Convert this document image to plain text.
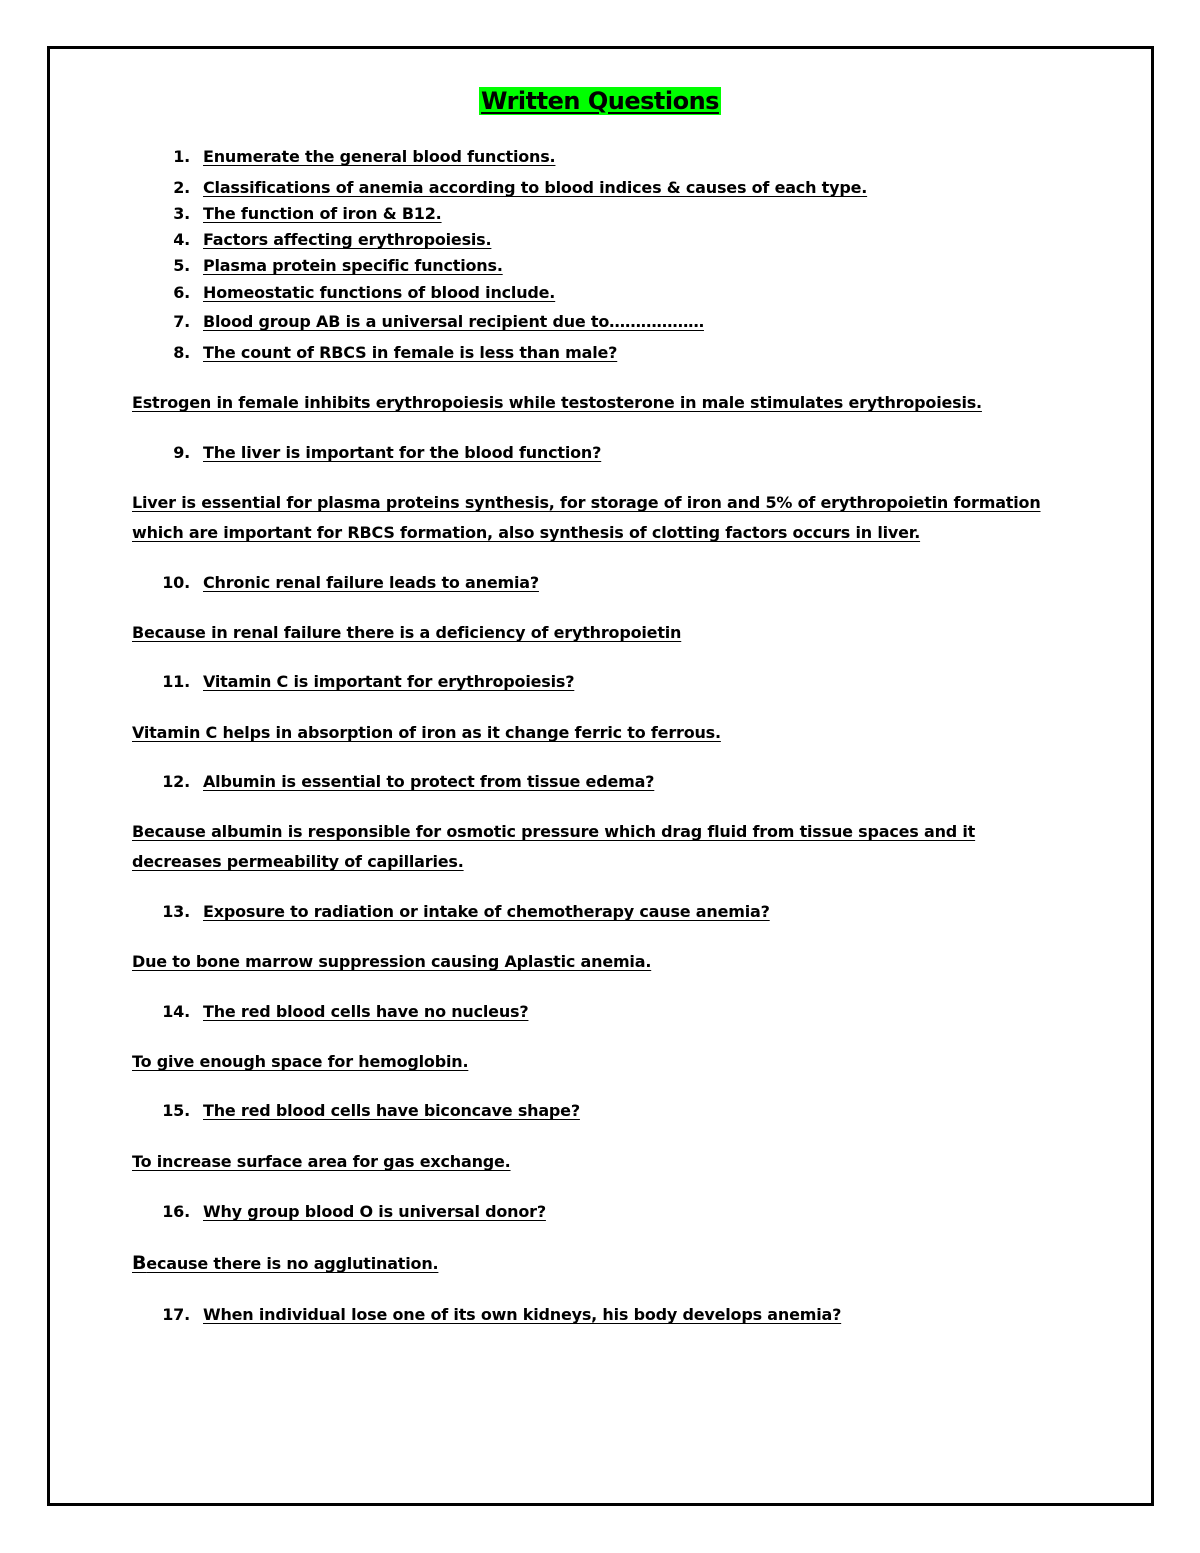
Written Questions
1. Enumerate the general blood functions.
2. Classifications of anemia according to blood indices & causes of each type.
3. The function of iron & B12.
4. Factors affecting erythropoiesis.
5. Plasma protein specific functions.
6. Homeostatic functions of blood include.
7. Blood group AB is a universal recipient due to………………
8. The count of RBCS in female is less than male?
Estrogen in female inhibits erythropoiesis while testosterone in male stimulates erythropoiesis.
9. The liver is important for the blood function?
Liver is essential for plasma proteins synthesis, for storage of iron and 5% of erythropoietin formation
which are important for RBCS formation, also synthesis of clotting factors occurs in liver.
10. Chronic renal failure leads to anemia?
Because in renal failure there is a deficiency of erythropoietin
11. Vitamin C is important for erythropoiesis?
Vitamin C helps in absorption of iron as it change ferric to ferrous.
12. Albumin is essential to protect from tissue edema?
Because albumin is responsible for osmotic pressure which drag fluid from tissue spaces and it
decreases permeability of capillaries.
13. Exposure to radiation or intake of chemotherapy cause anemia?
Due to bone marrow suppression causing Aplastic anemia.
14. The red blood cells have no nucleus?
To give enough space for hemoglobin.
15. The red blood cells have biconcave shape?
To increase surface area for gas exchange.
16. Why group blood O is universal donor?
Because there is no agglutination.
17. When individual lose one of its own kidneys, his body develops anemia?
